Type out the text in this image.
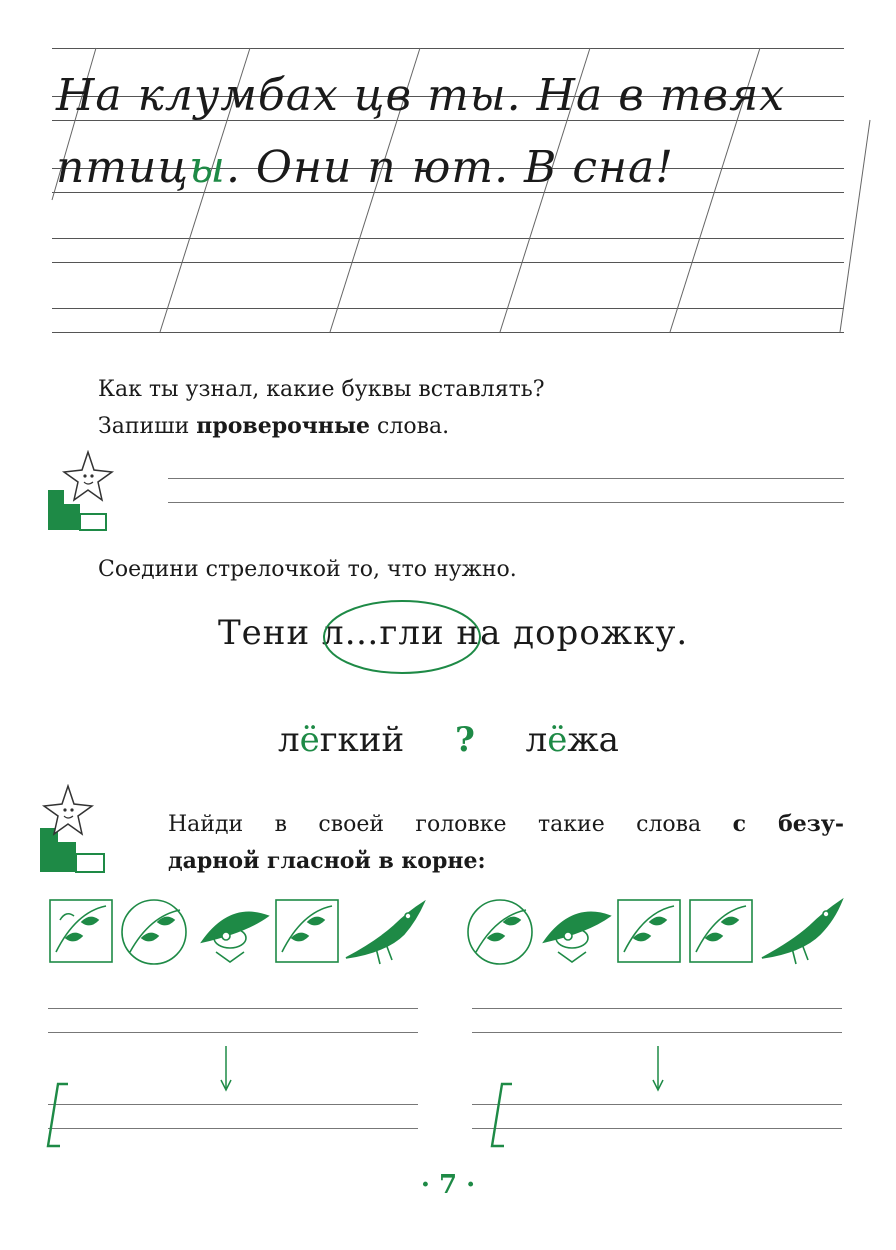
На клумбах цв ты. На в твях
птицы. Они п ют. В сна!
Как ты узнал, какие буквы вставлять?
Запиши проверочные слова.
Соедини стрелочкой то, что нужно.
Тени л…гли на дорожку.
лёгкий ? лёжа
Найди в своей головке такие слова с безу-
дарной гласной в корне:
· 7 ·
